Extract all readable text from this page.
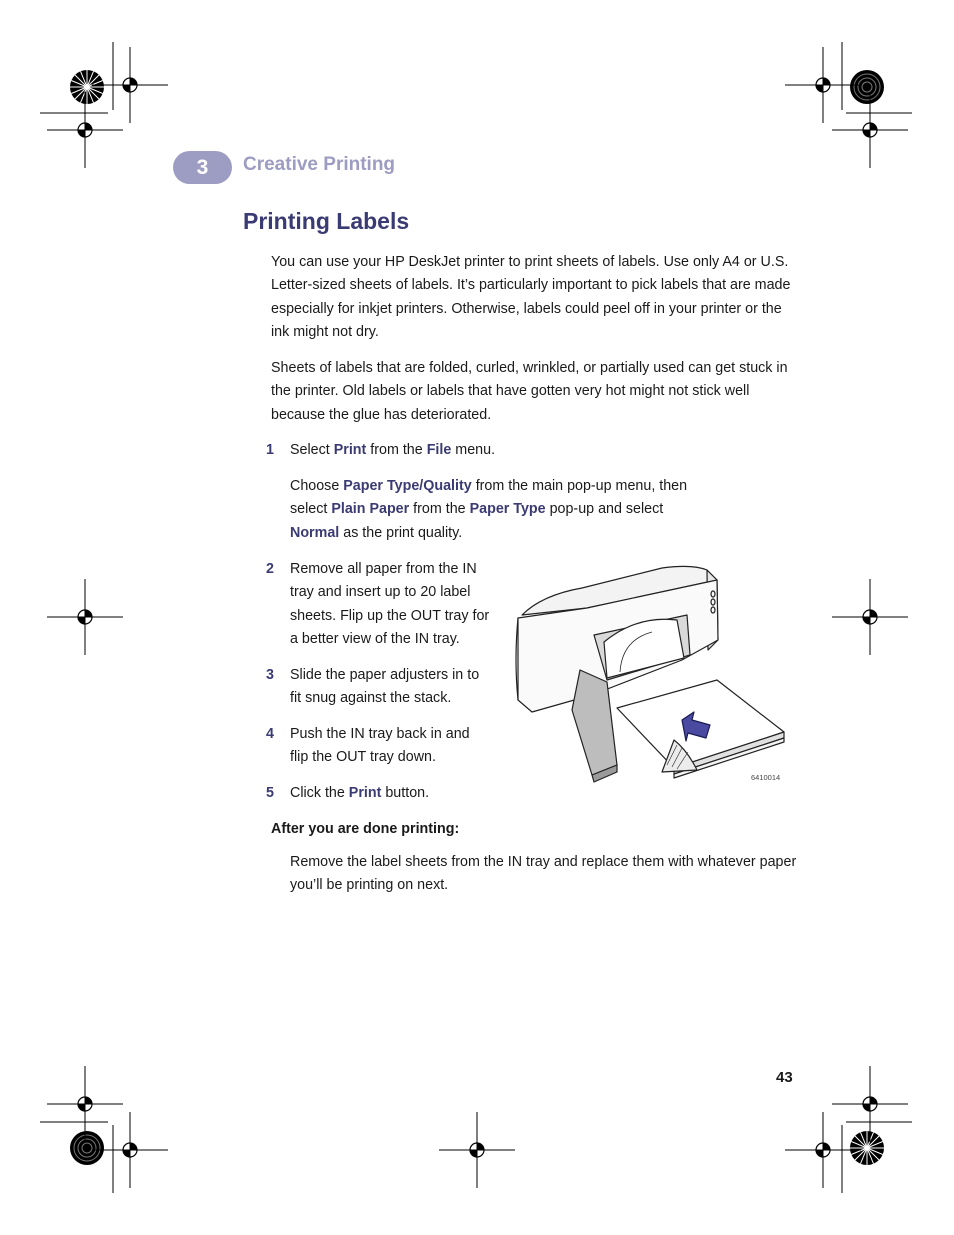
3	Creative Printing
Printing Labels

You can use your HP DeskJet printer to print sheets of labels. Use only A4 or U.S.

Letter-sized sheets of labels. It’s particularly important to pick labels that are made

especially for inkjet printers. Otherwise, labels could peel off in your printer or the

ink might not dry.

Sheets of labels that are folded, curled, wrinkled, or partially used can get stuck in

the printer. Old labels or labels that have gotten very hot might not stick well

because the glue has deteriorated.

1 Select Print from the File menu.

Choose Paper Type/Quality from the main pop-up menu, then

select Plain Paper from the Paper Type pop-up and select

Normal as the print quality.

2 Remove all paper from the IN

tray and insert up to 20 label

sheets. Flip up the OUT tray for

a better view of the IN tray.

3 Slide the paper adjusters in to

fit snug against the stack.

4 Push the IN tray back in and

flip the OUT tray down.

5 Click the Print button.

6410014
After you are done printing:

Remove the label sheets from the IN tray and replace them with whatever paper

you’ll be printing on next.

43
